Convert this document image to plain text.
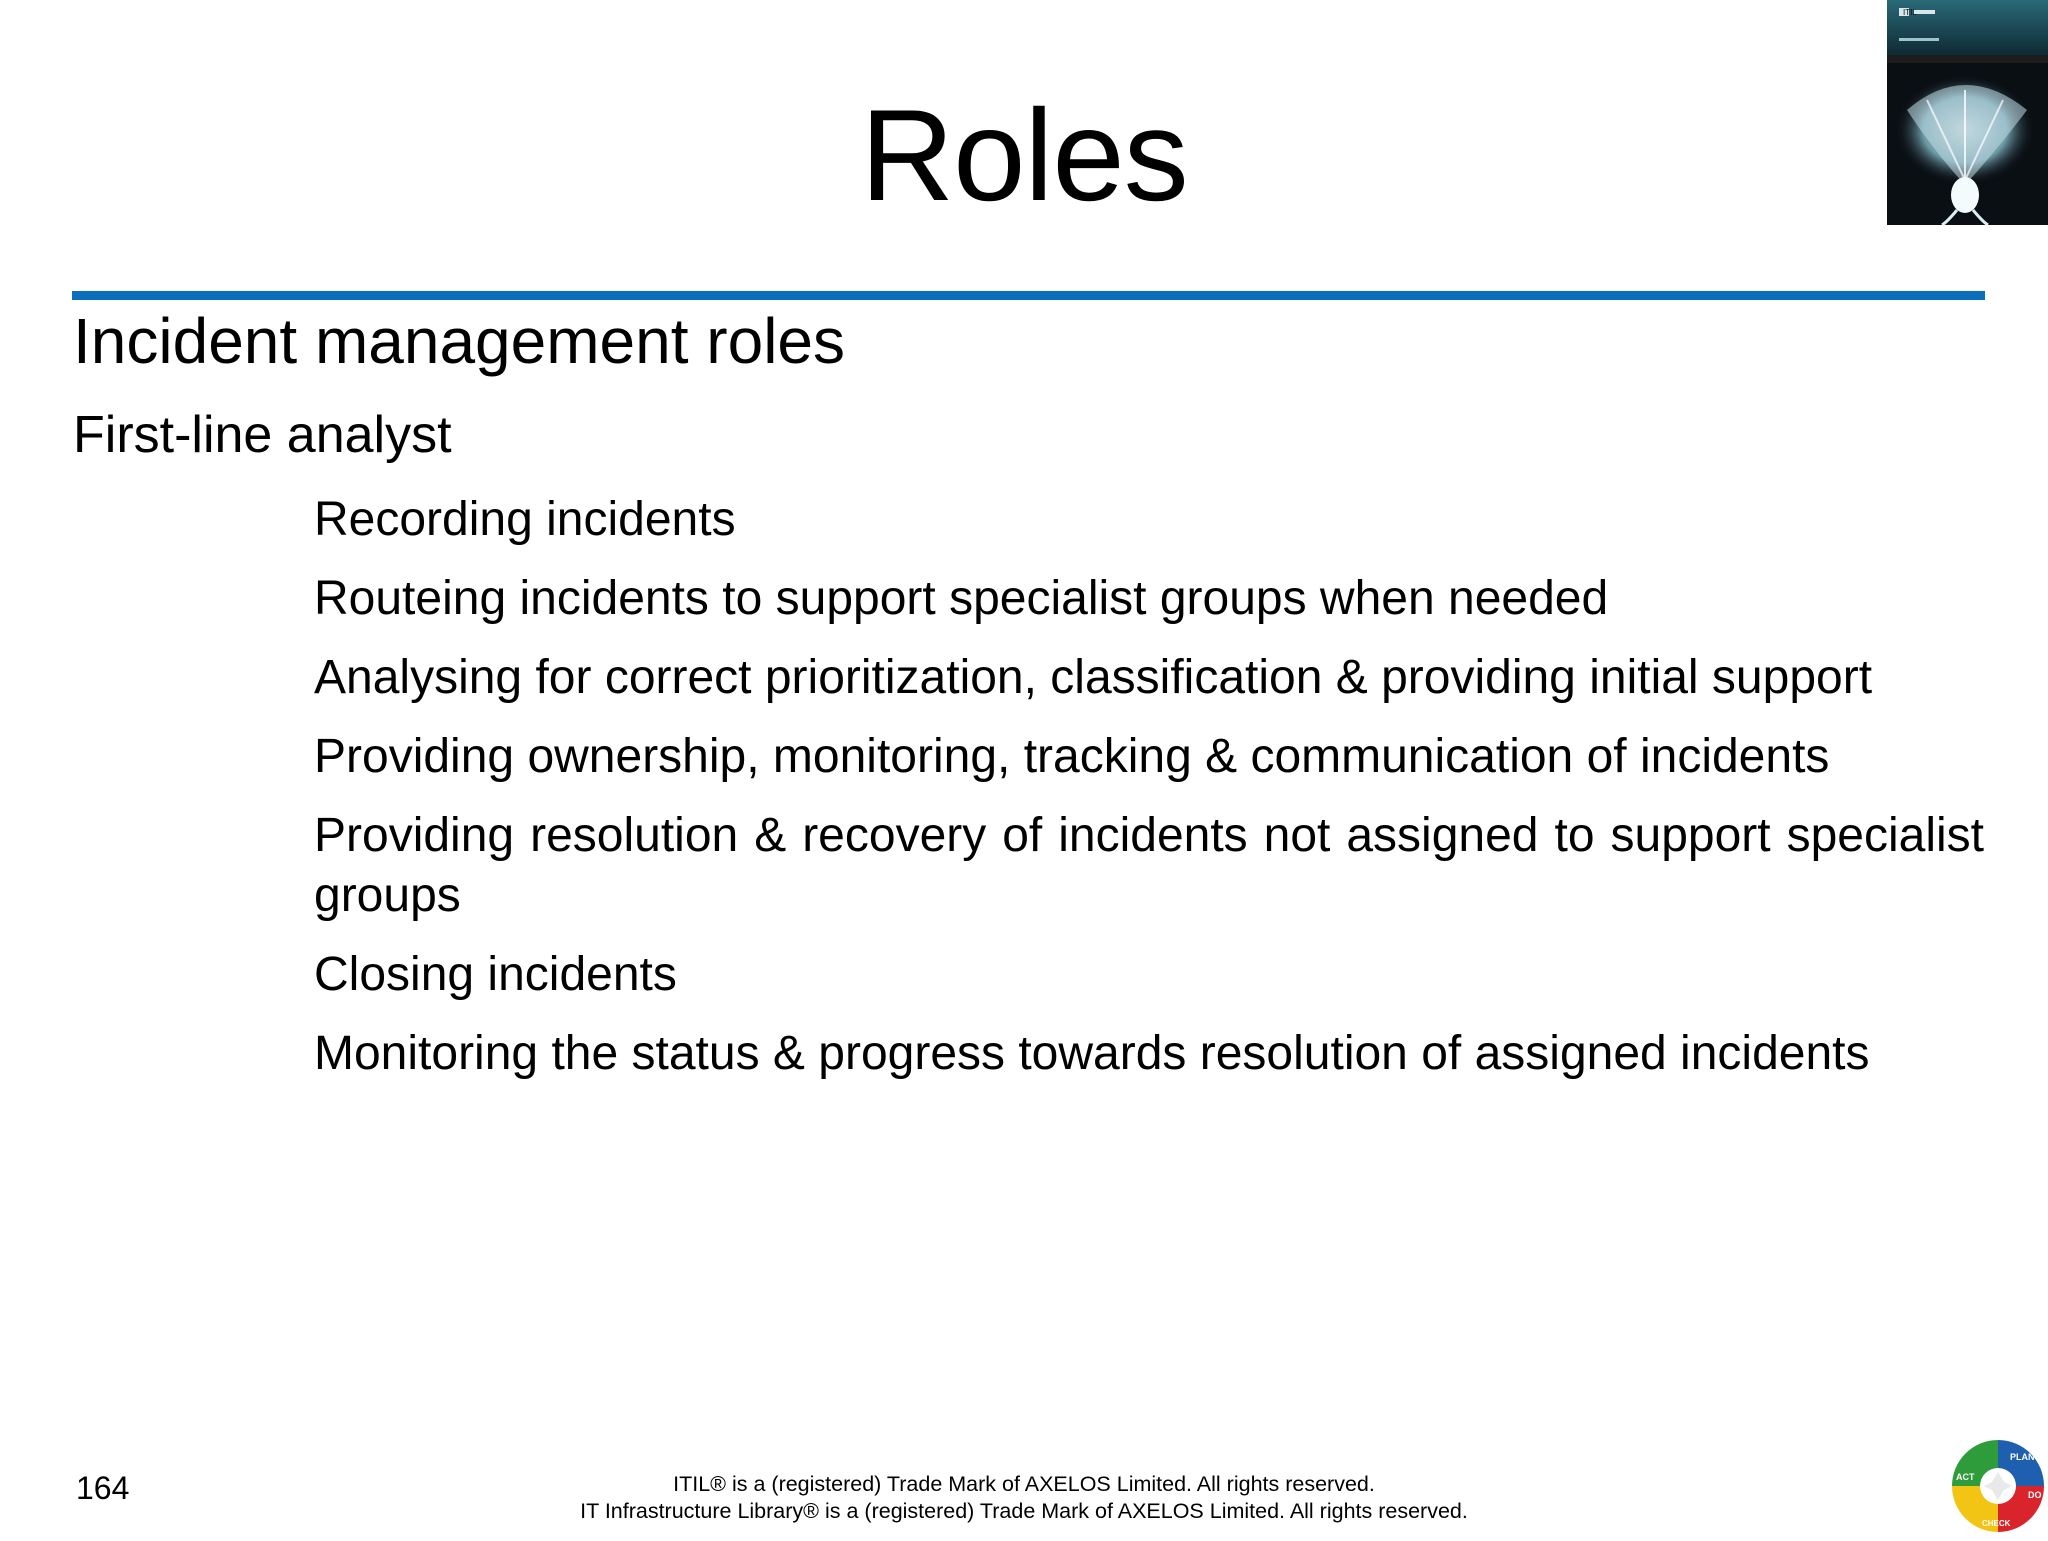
Roles
ITIL
Incident management roles
First-line analyst
Recording incidents
Routeing incidents to support specialist groups when needed
Analysing for correct prioritization, classification & providing initial support
Providing ownership, monitoring, tracking & communication of incidents
Providing resolution & recovery of incidents not assigned to support specialist groups
Closing incidents
Monitoring the status & progress towards resolution of assigned incidents
164	ITIL® is a (registered) Trade Mark of AXELOS Limited. All rights reserved.
IT Infrastructure Library® is a (registered) Trade Mark of AXELOS Limited. All rights reserved.
PLAN
DO
CHECK
ACT
